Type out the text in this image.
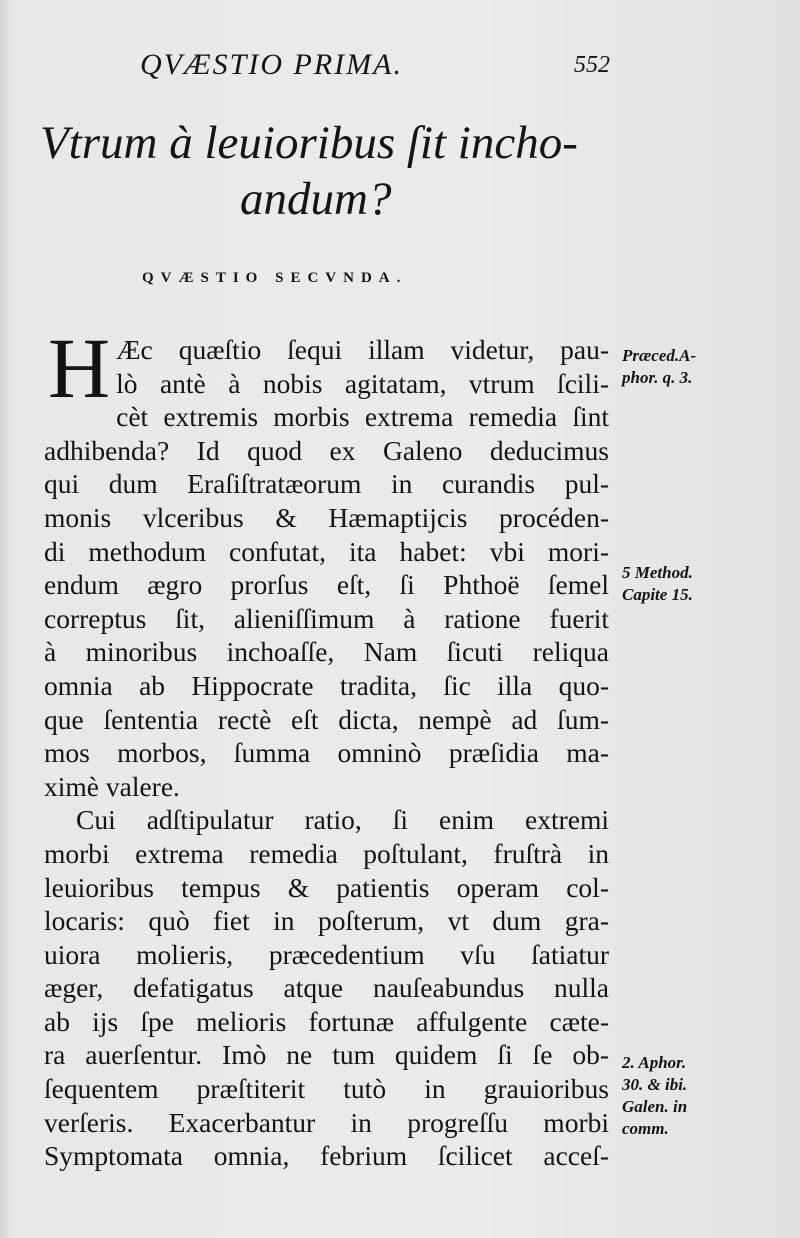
QVÆSTIO PRIMA.	552
Vtrum à leuioribus ſit incho-
andum?
QVÆSTIO SECVNDA.
H Æc quæſtio ſequi illam videtur, pau-
lò antè à nobis agitatam, vtrum ſcili-
cèt extremis morbis extrema remedia ſint
adhibenda? Id quod ex Galeno deducimus
qui dum Eraſiſtratæorum in curandis pul-
monis vlceribus & Hæmaptijcis procéden-
di methodum confutat, ita habet: vbi mori-
endum ægro prorſus eſt, ſi Phthoë ſemel
correptus ſit, alieniſſimum à ratione fuerit
à minoribus inchoaſſe, Nam ſicuti reliqua
omnia ab Hippocrate tradita, ſic illa quo-
que ſententia rectè eſt dicta, nempè ad ſum-
mos morbos, ſumma omninò præſidia ma-
ximè valere.
Cui adſtipulatur ratio, ſi enim extremi
morbi extrema remedia poſtulant, fruſtrà in
leuioribus tempus & patientis operam col-
locaris: quò fiet in poſterum, vt dum gra-
uiora molieris, præcedentium vſu ſatiatur
æger, defatigatus atque nauſeabundus nulla
ab ijs ſpe melioris fortunæ affulgente cæte-
ra auerſentur. Imò ne tum quidem ſi ſe ob-
ſequentem præſtiterit tutò in grauioribus
verſeris. Exacerbantur in progreſſu morbi
Symptomata omnia, febrium ſcilicet acceſ-
Præced.A-
phor. q. 3.
5 Method.
Capite 15.
2. Aphor.
30. & ibi.
Galen. in
comm.
